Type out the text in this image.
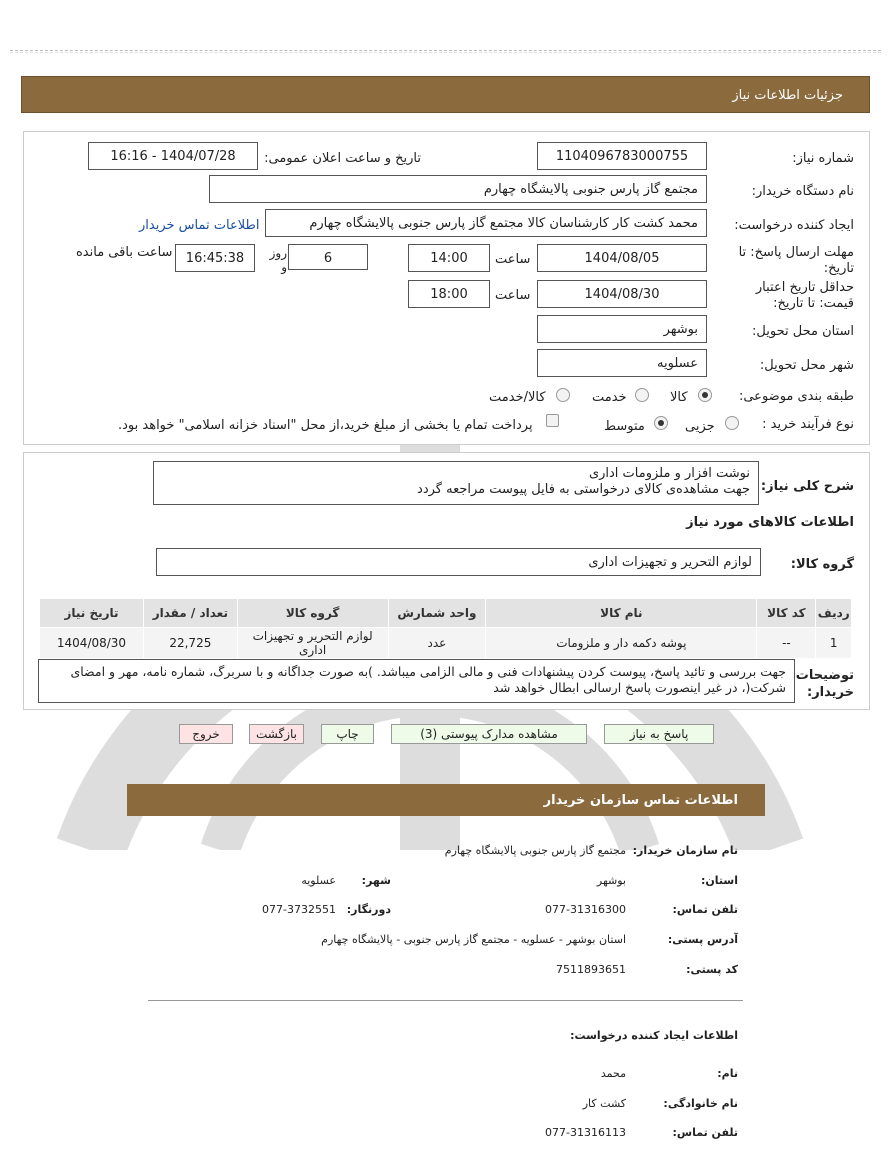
جزئیات اطلاعات نیاز
شماره نیاز:
1104096783000755
تاریخ و ساعت اعلان عمومی:
1404/07/28 - 16:16
نام دستگاه خریدار:
مجتمع گاز پارس جنوبی پالایشگاه چهارم
ایجاد کننده درخواست:
محمد کشت کار کارشناسان کالا مجتمع گاز پارس جنوبی پالایشگاه چهارم
اطلاعات تماس خریدار
مهلت ارسال پاسخ: تا تاریخ:
1404/08/05
ساعت
14:00
6
روز و
16:45:38
ساعت باقی مانده
حداقل تاریخ اعتبار قیمت: تا تاریخ:
1404/08/30
ساعت
18:00
استان محل تحویل:
بوشهر
شهر محل تحویل:
عسلویه
طبقه بندی موضوعی:
کالا
خدمت
کالا/خدمت
نوع فرآیند خرید :
جزیی
متوسط
پرداخت تمام یا بخشی از مبلغ خرید،از محل "اسناد خزانه اسلامی" خواهد بود.
شرح کلی نیاز:
نوشت افزار و ملزومات اداری
جهت مشاهده‌ی کالای درخواستی به فایل پیوست مراجعه گردد
اطلاعات کالاهای مورد نیاز
گروه کالا:
لوازم التحریر و تجهیزات اداری
ردیف	کد کالا	نام کالا	واحد شمارش	گروه کالا	تعداد / مقدار	تاریخ نیاز
1	--	پوشه دکمه دار و ملزومات	عدد	لوازم التحریر و تجهیزات اداری	22,725	1404/08/30
توضیحات خریدار:
جهت بررسی و تائید پاسخ، پیوست کردن پیشنهادات فنی و مالی الزامی میباشد. )به صورت جداگانه و با سربرگ، شماره نامه، مهر و امضای شرکت(، در غیر اینصورت پاسخ ارسالی ابطال خواهد شد
پاسخ به نیاز
مشاهده مدارک پیوستی (3)
چاپ
بازگشت
خروج
اطلاعات تماس سازمان خریدار
نام سازمان خریدار:
مجتمع گاز پارس جنوبی پالایشگاه چهارم
استان:
بوشهر
شهر:
عسلویه
تلفن تماس:
077-31316300
دورنگار:
077-3732551
آدرس پستی:
استان بوشهر - عسلویه - مجتمع گاز پارس جنوبی - پالایشگاه چهارم
کد پستی:
7511893651
اطلاعات ایجاد کننده درخواست:
نام:
محمد
نام خانوادگی:
کشت کار
تلفن تماس:
077-31316113
